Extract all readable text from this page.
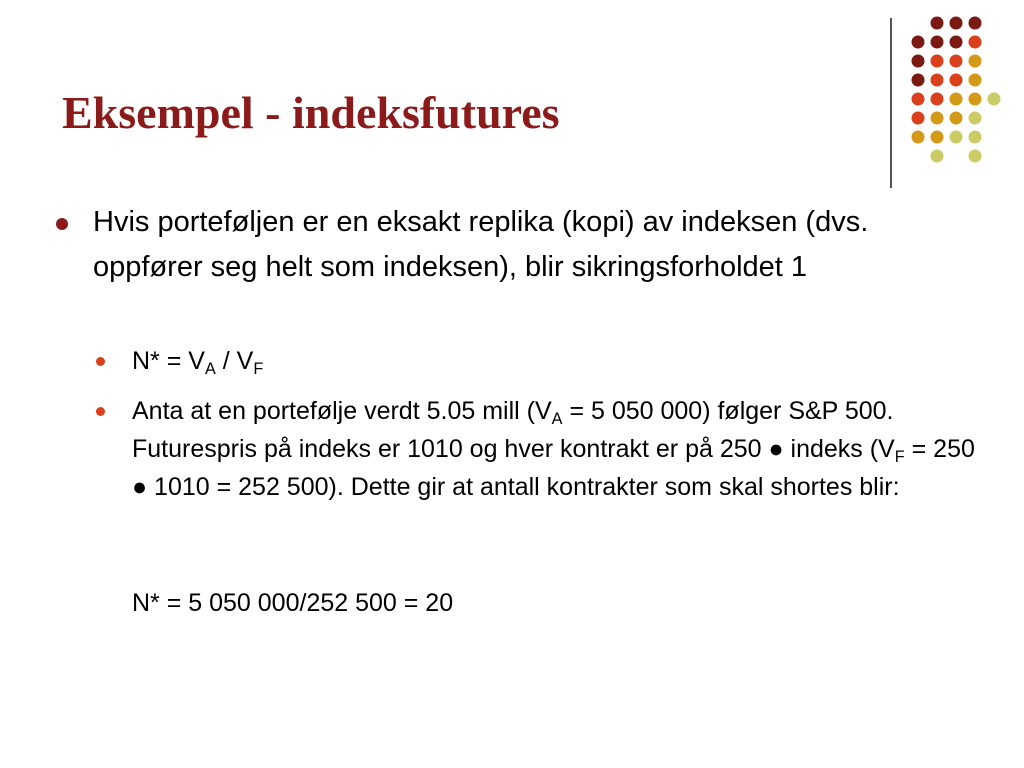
Eksempel - indeksfutures
Hvis porteføljen er en eksakt replika (kopi) av indeksen (dvs. oppfører seg helt som indeksen), blir sikringsforholdet 1
$N* = V_A / V_F$
Anta at en portefølje verdt 5.05 mill ($V_A = 5$ 050 000) følger S&P 500. Futurespris på indeks er 1010 og hver kontrakt er på 250 ● indeks ($V_F = 250$ ● 1010 = 252 500). Dette gir at antall kontrakter som skal shortes blir:
N* = 5 050 000/252 500 = 20
